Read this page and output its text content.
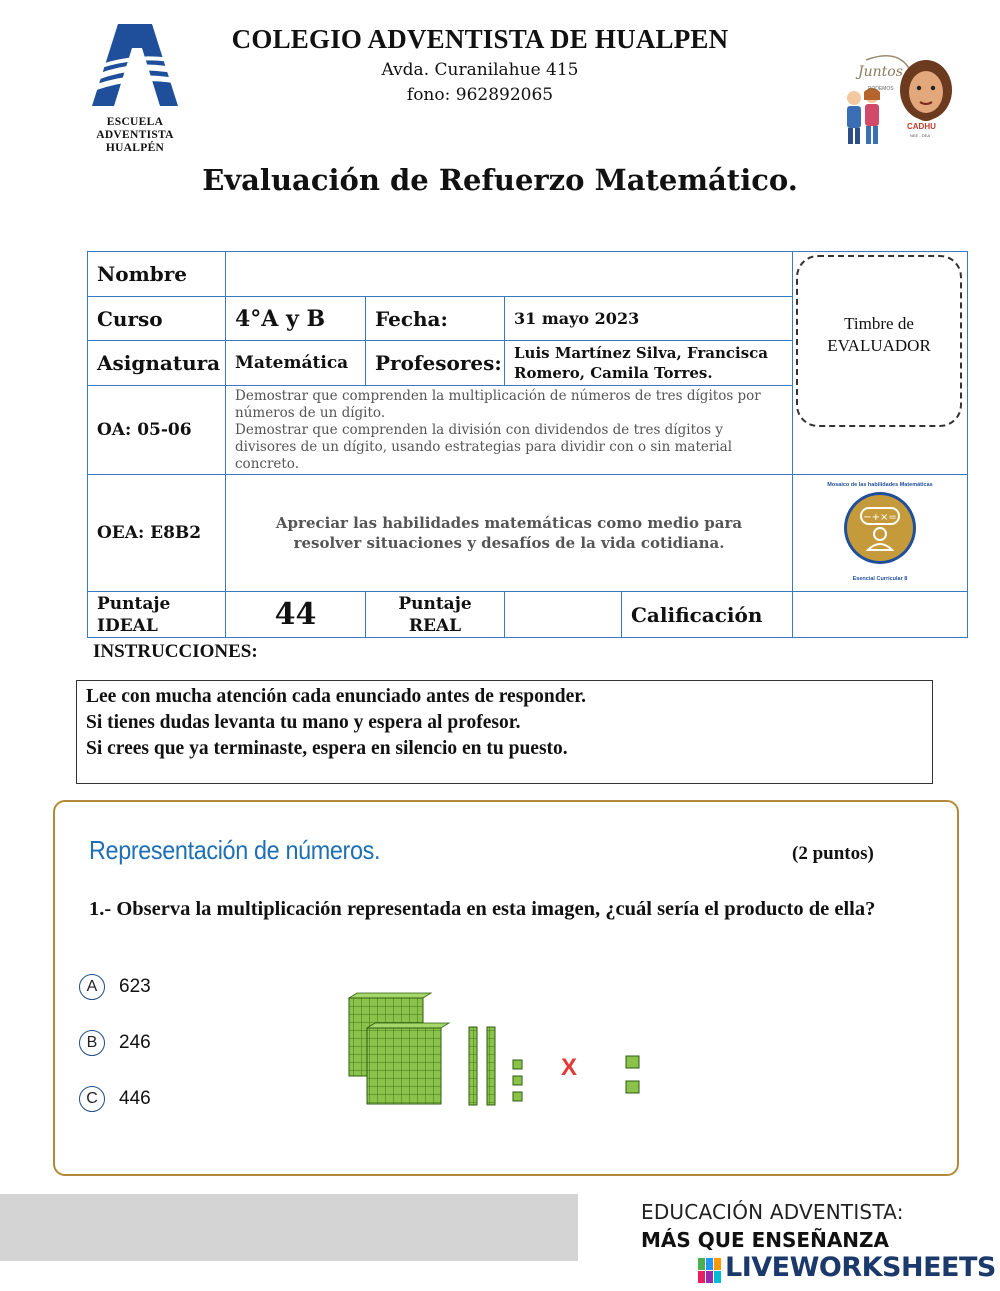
ESCUELA
ADVENTISTA
HUALPÉN
COLEGIO ADVENTISTA DE HUALPEN
Avda. Curanilahue 415
fono: 962892065
Juntos
PODEMOS
CADHU
NEE - DEA
Evaluación de Refuerzo Matemático.
Nombre					
Curso	4°A y B	Fecha:	31 mayo 2023		
Asignatura	Matemática	Profesores:	Luis Martínez Silva, Francisca Romero, Camila Torres.		
OA: 05-06	Demostrar que comprenden la multiplicación de números de tres dígitos por números de un dígito.
Demostrar que comprenden la división con dividendos de tres dígitos y divisores de un dígito, usando estrategias para dividir con o sin material concreto.				

OEA: E8B2	Apreciar las habilidades matemáticas como medio para resolver situaciones y desafíos de la vida cotidiana.				Mosaico de las habilidades Matemáticas
−+×=
Esencial Curricular 8

Puntaje IDEAL	44	Puntaje REAL		Calificación	
Timbre de
EVALUADOR
INSTRUCCIONES:
Lee con mucha atención cada enunciado antes de responder.
Si tienes dudas levanta tu mano y espera al profesor.
Si crees que ya terminaste, espera en silencio en tu puesto.
Representación de números.	(2 puntos)
1.- Observa la multiplicación representada en esta imagen, ¿cuál sería el producto de ella?
A	623
B	246
C	446
X
EDUCACIÓN ADVENTISTA:
MÁS QUE ENSEÑANZA
LIVEWORKSHEETS
